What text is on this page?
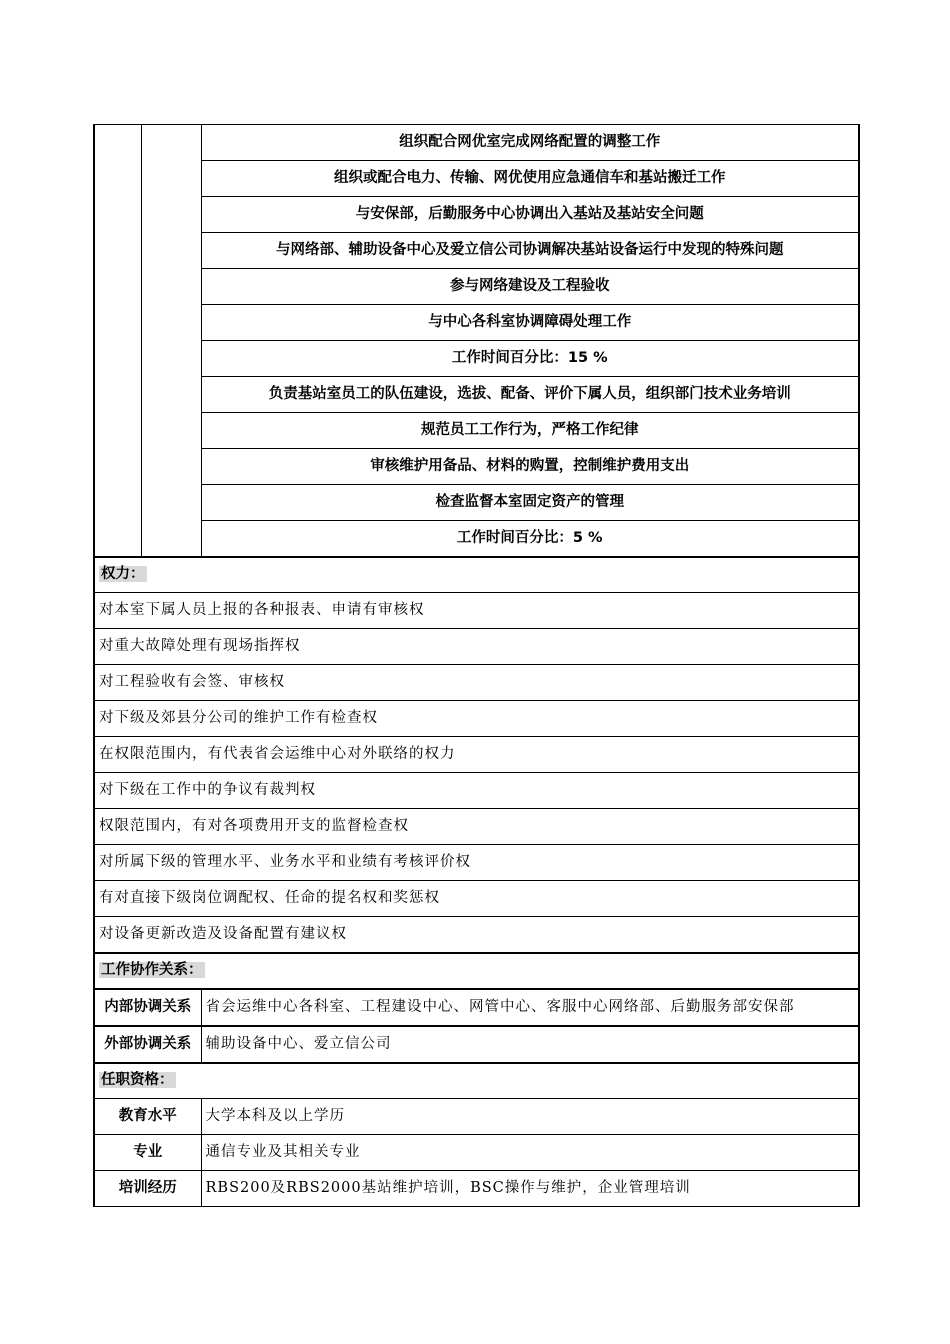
		组织配合网优室完成网络配置的调整工作
		组织或配合电力、传输、网优使用应急通信车和基站搬迁工作
		与安保部，后勤服务中心协调出入基站及基站安全问题
		与网络部、辅助设备中心及爱立信公司协调解决基站设备运行中发现的特殊问题
		参与网络建设及工程验收
		与中心各科室协调障碍处理工作
		工作时间百分比：15 %
		负责基站室员工的队伍建设，选拔、配备、评价下属人员，组织部门技术业务培训
		规范员工工作行为，严格工作纪律
		审核维护用备品、材料的购置，控制维护费用支出
		检查监督本室固定资产的管理
		工作时间百分比：5 %
权力：		
对本室下属人员上报的各种报表、申请有审核权		
对重大故障处理有现场指挥权		
对工程验收有会签、审核权		
对下级及郊县分公司的维护工作有检查权		
在权限范围内，有代表省会运维中心对外联络的权力		
对下级在工作中的争议有裁判权		
权限范围内，有对各项费用开支的监督检查权		
对所属下级的管理水平、业务水平和业绩有考核评价权		
有对直接下级岗位调配权、任命的提名权和奖惩权		
对设备更新改造及设备配置有建议权		
工作协作关系：		
内部协调关系		省会运维中心各科室、工程建设中心、网管中心、客服中心网络部、后勤服务部安保部
外部协调关系		辅助设备中心、爱立信公司
任职资格：		
教育水平		大学本科及以上学历
专业		通信专业及其相关专业
培训经历		RBS200及RBS2000基站维护培训，BSC操作与维护，企业管理培训
